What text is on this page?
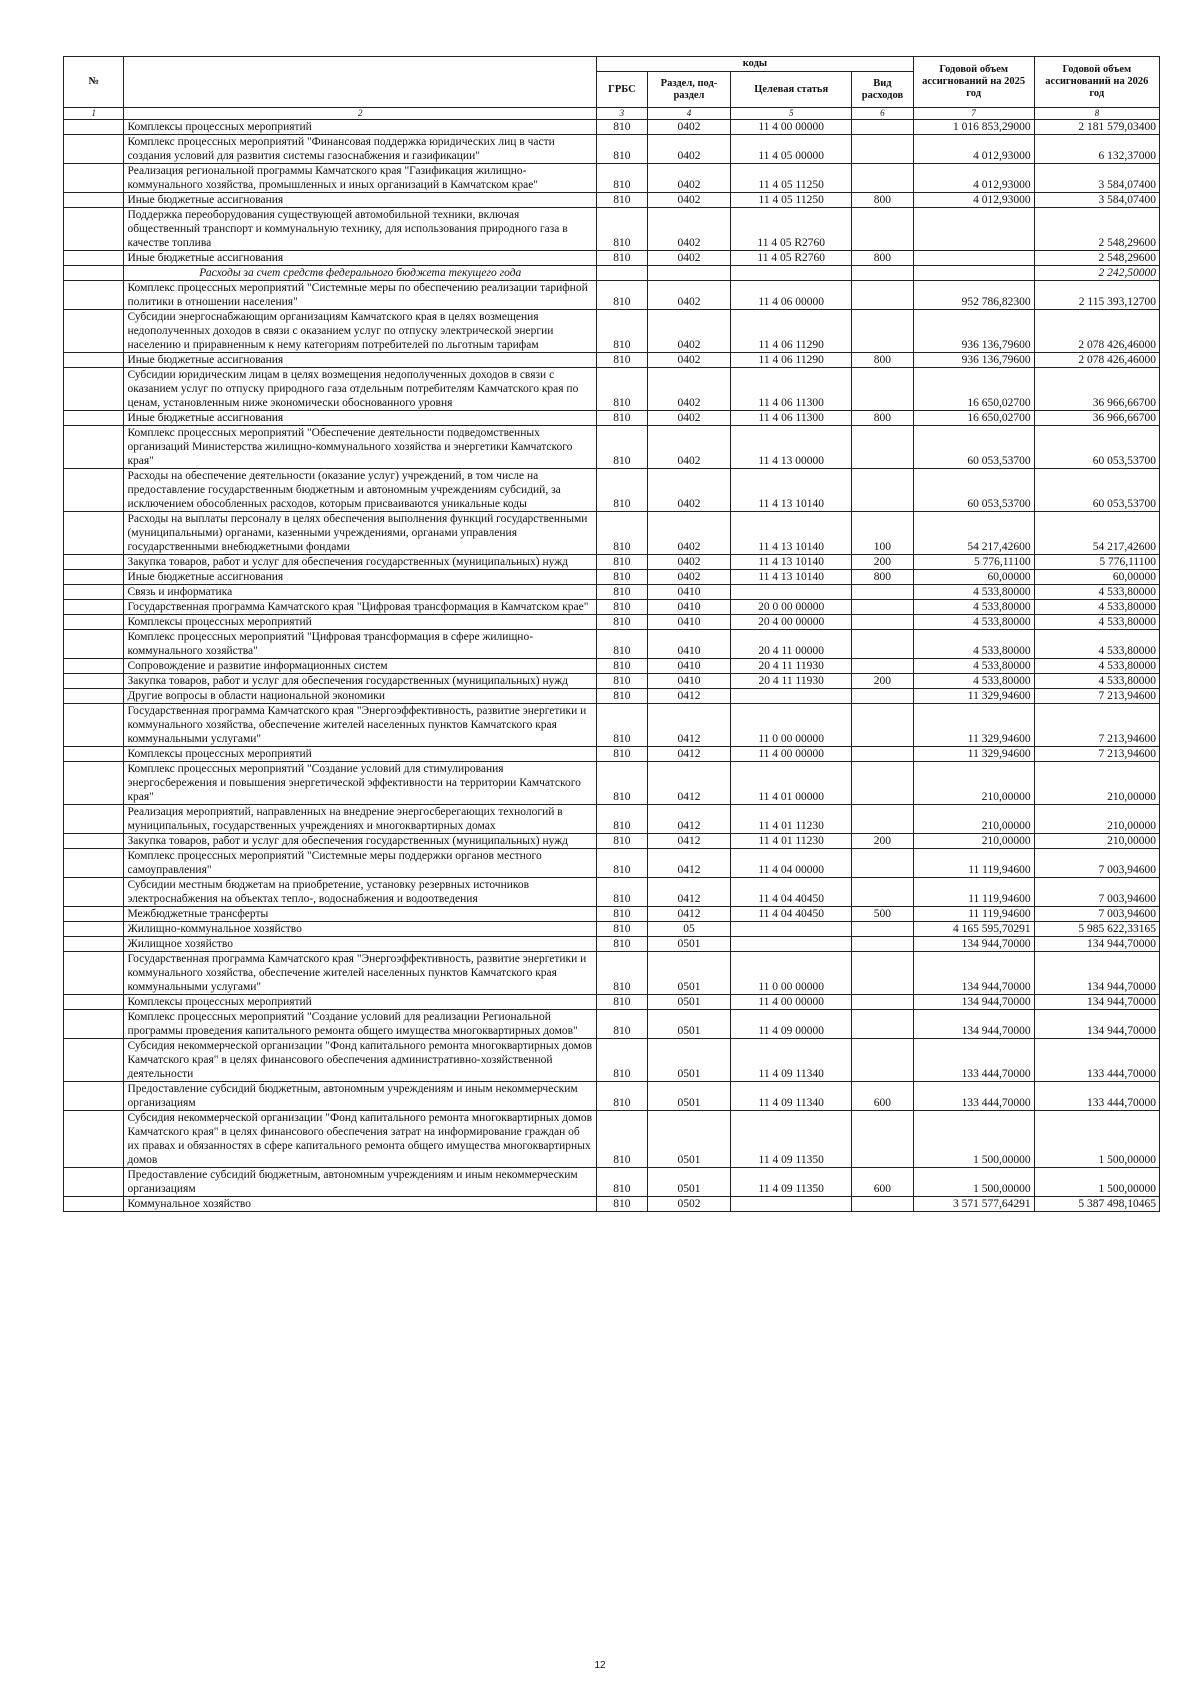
№		коды				Годовой объем ассигнований на 2025 год	Годовой объем ассигнований на 2026 год
		ГРБС	Раздел, под-раздел	Целевая статья	Вид расходов		
1	2	3	4	5	6	7	8
	Комплексы процессных мероприятий	810	0402	11 4 00 00000		1 016 853,29000	2 181 579,03400
	Комплекс процессных мероприятий "Финансовая поддержка юридических лиц в части создания условий для развития системы газоснабжения и газификации"	810	0402	11 4 05 00000		4 012,93000	6 132,37000
	Реализация региональной программы Камчатского края "Газификация жилищно-коммунального хозяйства, промышленных и иных организаций в Камчатском крае"	810	0402	11 4 05 11250		4 012,93000	3 584,07400
	Иные бюджетные ассигнования	810	0402	11 4 05 11250	800	4 012,93000	3 584,07400
	Поддержка переоборудования существующей автомобильной техники, включая общественный транспорт и коммунальную технику, для использования природного газа в качестве топлива	810	0402	11 4 05 R2760			2 548,29600
	Иные бюджетные ассигнования	810	0402	11 4 05 R2760	800		2 548,29600
	Расходы за счет средств федерального бюджета текущего года						2 242,50000
	Комплекс процессных мероприятий "Системные меры по обеспечению реализации тарифной политики в отношении населения"	810	0402	11 4 06 00000		952 786,82300	2 115 393,12700
	Субсидии энергоснабжающим организациям Камчатского края в целях возмещения недополученных доходов в связи с оказанием услуг по отпуску электрической энергии населению и приравненным к нему категориям потребителей по льготным тарифам	810	0402	11 4 06 11290		936 136,79600	2 078 426,46000
	Иные бюджетные ассигнования	810	0402	11 4 06 11290	800	936 136,79600	2 078 426,46000
	Субсидии юридическим лицам в целях возмещения недополученных доходов в связи с оказанием услуг по отпуску природного газа отдельным потребителям Камчатского края по ценам, установленным ниже экономически обоснованного уровня	810	0402	11 4 06 11300		16 650,02700	36 966,66700
	Иные бюджетные ассигнования	810	0402	11 4 06 11300	800	16 650,02700	36 966,66700
	Комплекс процессных мероприятий "Обеспечение деятельности подведомственных организаций Министерства жилищно-коммунального хозяйства и энергетики Камчатского края"	810	0402	11 4 13 00000		60 053,53700	60 053,53700
	Расходы на обеспечение деятельности (оказание услуг) учреждений, в том числе на предоставление государственным бюджетным и автономным учреждениям субсидий, за исключением обособленных расходов, которым присваиваются уникальные коды	810	0402	11 4 13 10140		60 053,53700	60 053,53700
	Расходы на выплаты персоналу в целях обеспечения выполнения функций государственными (муниципальными) органами, казенными учреждениями, органами управления государственными внебюджетными фондами	810	0402	11 4 13 10140	100	54 217,42600	54 217,42600
	Закупка товаров, работ и услуг для обеспечения государственных (муниципальных) нужд	810	0402	11 4 13 10140	200	5 776,11100	5 776,11100
	Иные бюджетные ассигнования	810	0402	11 4 13 10140	800	60,00000	60,00000
	Связь и информатика	810	0410			4 533,80000	4 533,80000
	Государственная программа Камчатского края "Цифровая трансформация в Камчатском крае"	810	0410	20 0 00 00000		4 533,80000	4 533,80000
	Комплексы процессных мероприятий	810	0410	20 4 00 00000		4 533,80000	4 533,80000
	Комплекс процессных мероприятий "Цифровая трансформация в сфере жилищно-коммунального хозяйства"	810	0410	20 4 11 00000		4 533,80000	4 533,80000
	Сопровождение и развитие информационных систем	810	0410	20 4 11 11930		4 533,80000	4 533,80000
	Закупка товаров, работ и услуг для обеспечения государственных (муниципальных) нужд	810	0410	20 4 11 11930	200	4 533,80000	4 533,80000
	Другие вопросы в области национальной экономики	810	0412			11 329,94600	7 213,94600
	Государственная программа Камчатского края "Энергоэффективность, развитие энергетики и коммунального хозяйства, обеспечение жителей населенных пунктов Камчатского края коммунальными услугами"	810	0412	11 0 00 00000		11 329,94600	7 213,94600
	Комплексы процессных мероприятий	810	0412	11 4 00 00000		11 329,94600	7 213,94600
	Комплекс процессных мероприятий "Создание условий для стимулирования энергосбережения и повышения энергетической эффективности на территории Камчатского края"	810	0412	11 4 01 00000		210,00000	210,00000
	Реализация мероприятий, направленных на внедрение энергосберегающих технологий в муниципальных, государственных учреждениях и многоквартирных домах	810	0412	11 4 01 11230		210,00000	210,00000
	Закупка товаров, работ и услуг для обеспечения государственных (муниципальных) нужд	810	0412	11 4 01 11230	200	210,00000	210,00000
	Комплекс процессных мероприятий "Системные меры поддержки органов местного самоуправления"	810	0412	11 4 04 00000		11 119,94600	7 003,94600
	Субсидии местным бюджетам на приобретение, установку резервных источников электроснабжения на объектах тепло-, водоснабжения и водоотведения	810	0412	11 4 04 40450		11 119,94600	7 003,94600
	Межбюджетные трансферты	810	0412	11 4 04 40450	500	11 119,94600	7 003,94600
	Жилищно-коммунальное хозяйство	810	05			4 165 595,70291	5 985 622,33165
	Жилищное хозяйство	810	0501			134 944,70000	134 944,70000
	Государственная программа Камчатского края "Энергоэффективность, развитие энергетики и коммунального хозяйства, обеспечение жителей населенных пунктов Камчатского края коммунальными услугами"	810	0501	11 0 00 00000		134 944,70000	134 944,70000
	Комплексы процессных мероприятий	810	0501	11 4 00 00000		134 944,70000	134 944,70000
	Комплекс процессных мероприятий "Создание условий для реализации Региональной программы проведения капитального ремонта общего имущества многоквартирных домов"	810	0501	11 4 09 00000		134 944,70000	134 944,70000
	Субсидия некоммерческой организации "Фонд капитального ремонта многоквартирных домов Камчатского края" в целях финансового обеспечения административно-хозяйственной деятельности	810	0501	11 4 09 11340		133 444,70000	133 444,70000
	Предоставление субсидий бюджетным, автономным учреждениям и иным некоммерческим организациям	810	0501	11 4 09 11340	600	133 444,70000	133 444,70000
	Субсидия некоммерческой организации "Фонд капитального ремонта многоквартирных домов Камчатского края" в целях финансового обеспечения затрат на информирование граждан об их правах и обязанностях в сфере капитального ремонта общего имущества многоквартирных домов	810	0501	11 4 09 11350		1 500,00000	1 500,00000
	Предоставление субсидий бюджетным, автономным учреждениям и иным некоммерческим организациям	810	0501	11 4 09 11350	600	1 500,00000	1 500,00000
	Коммунальное хозяйство	810	0502			3 571 577,64291	5 387 498,10465
12
